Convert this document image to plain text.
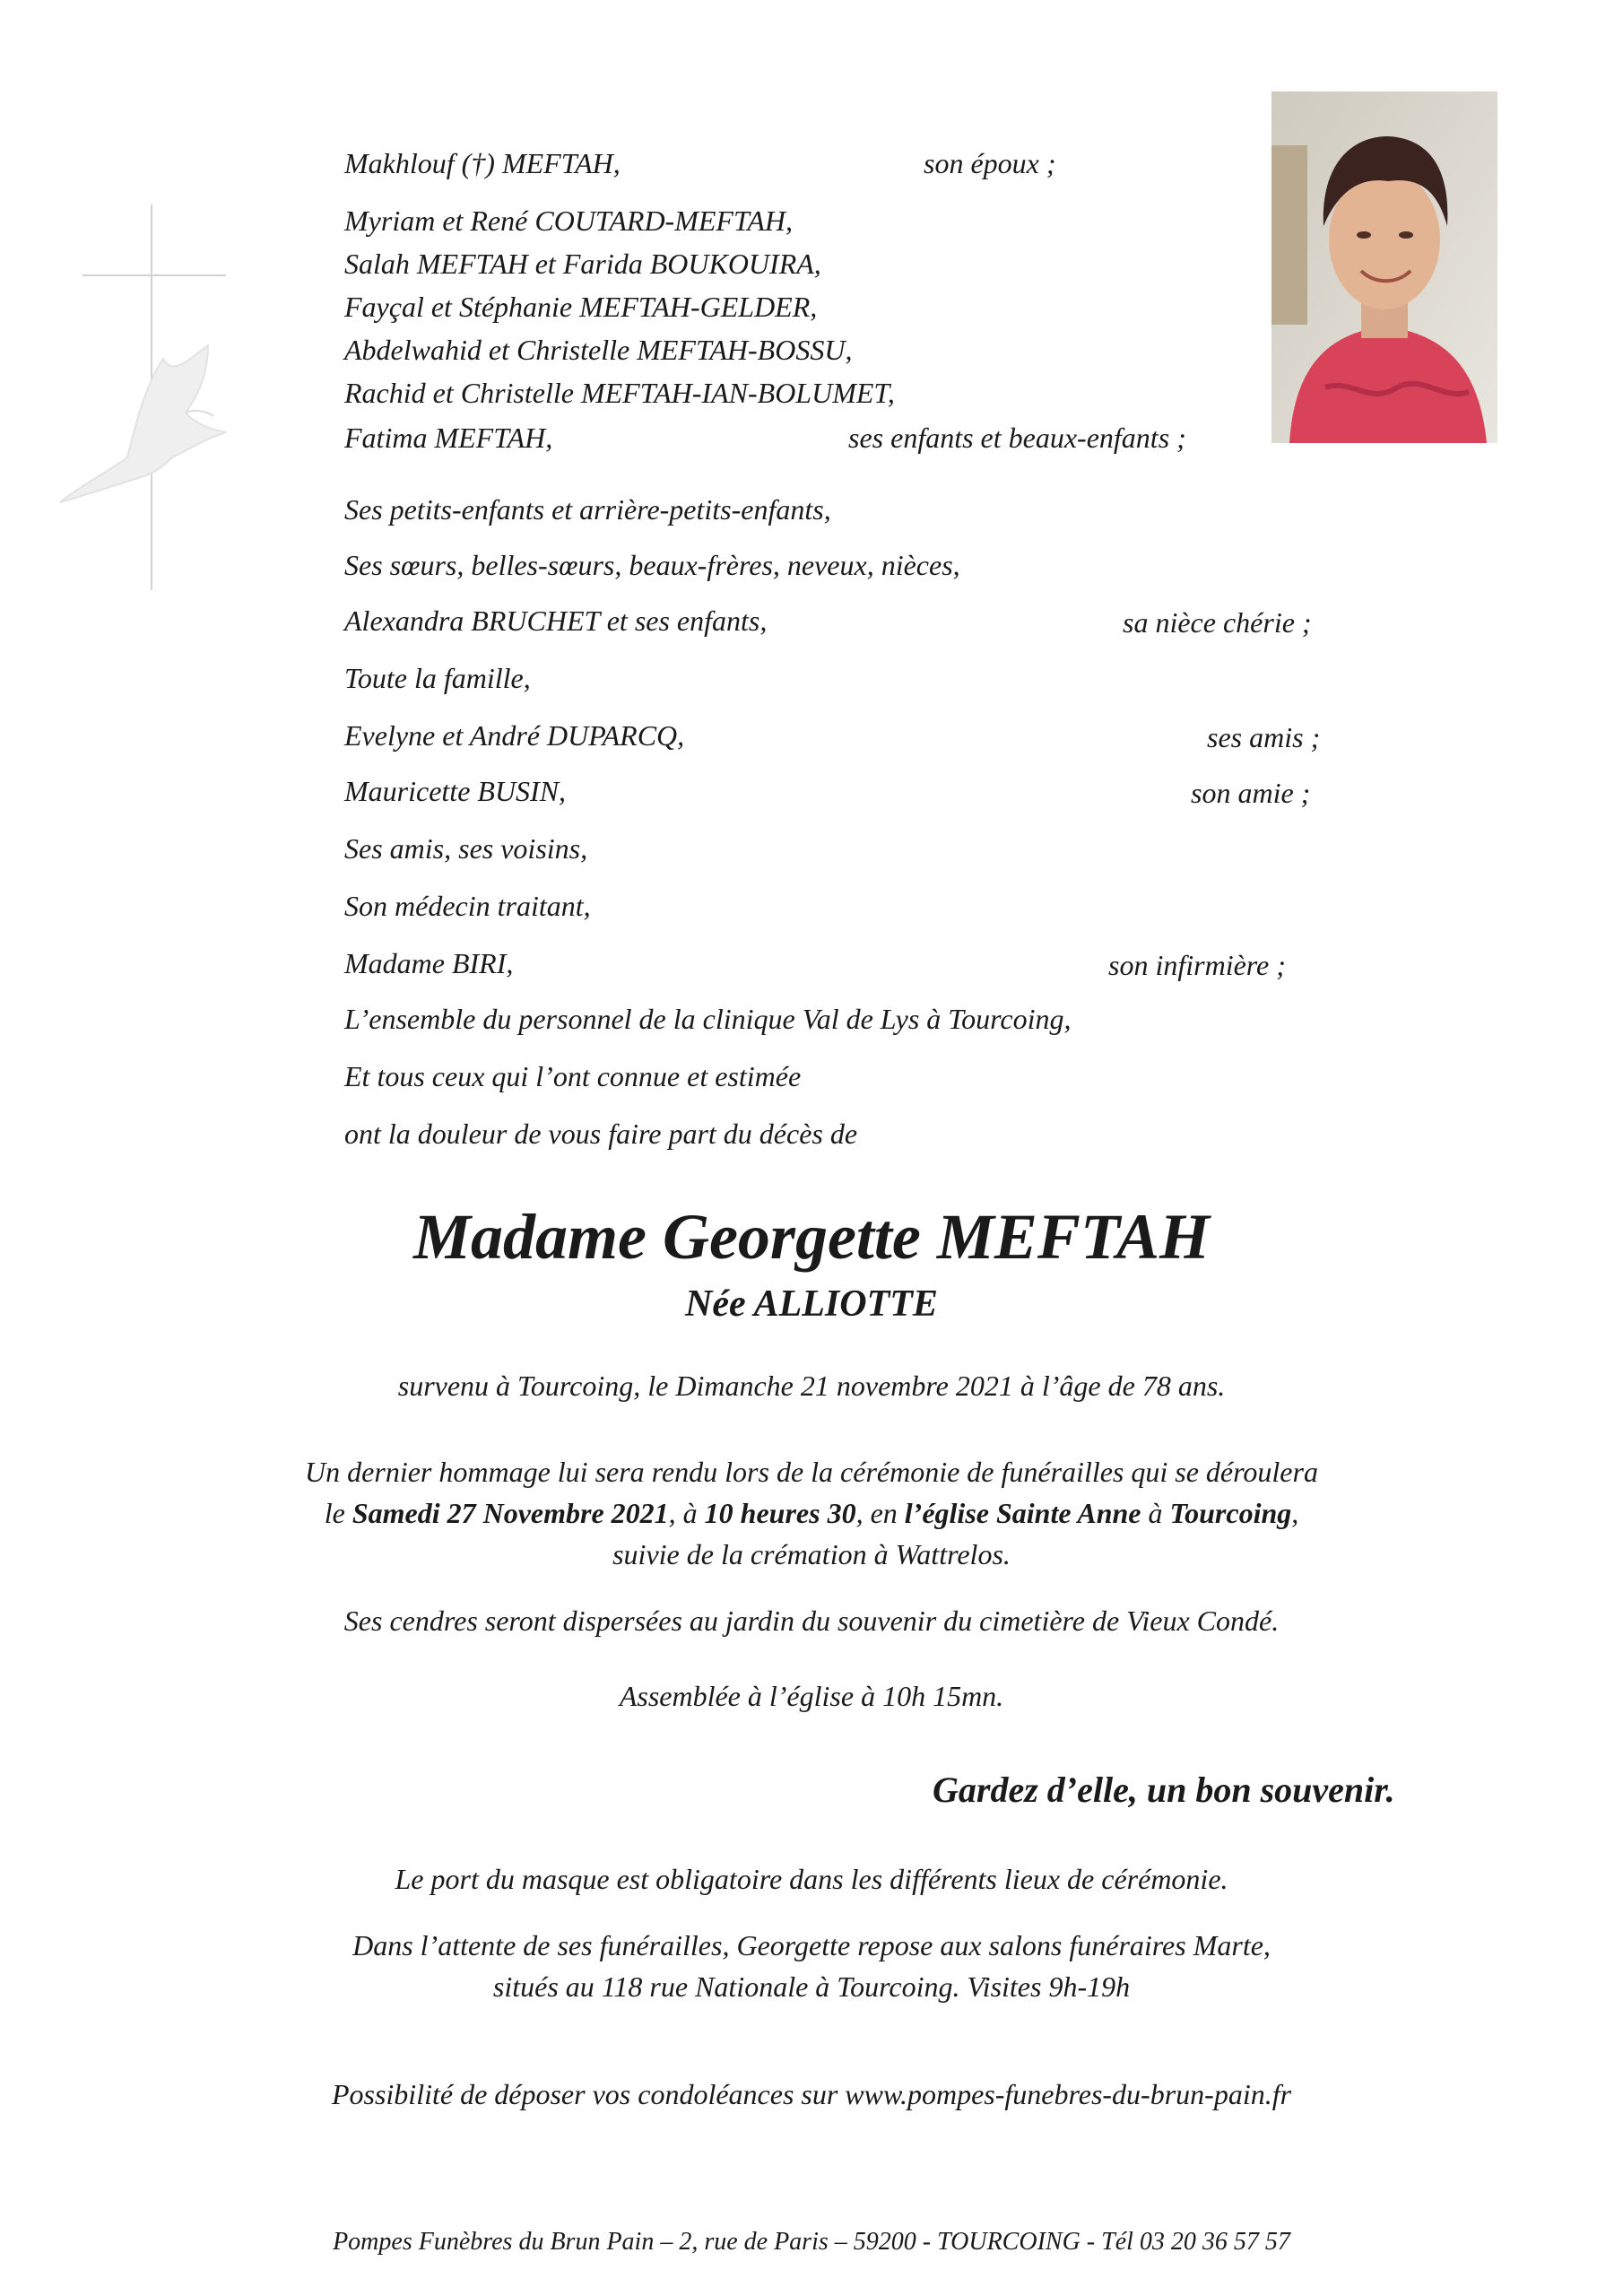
Makhlouf (†) MEFTAH,	son époux ;
Myriam et René COUTARD-MEFTAH,
Salah MEFTAH et Farida BOUKOUIRA,
Fayçal et Stéphanie MEFTAH-GELDER,
Abdelwahid et Christelle MEFTAH-BOSSU,
Rachid et Christelle MEFTAH-IAN-BOLUMET,
Fatima MEFTAH,	ses enfants et beaux-enfants ;
Ses petits-enfants et arrière-petits-enfants,
Ses sœurs, belles-sœurs, beaux-frères, neveux, nièces,
Alexandra BRUCHET et ses enfants,	sa nièce chérie ;
Toute la famille,
Evelyne et André DUPARCQ,	ses amis ;
Mauricette BUSIN,	son amie ;
Ses amis, ses voisins,
Son médecin traitant,
Madame BIRI,	son infirmière ;
L’ensemble du personnel de la clinique Val de Lys à Tourcoing,
Et tous ceux qui l’ont connue et estimée
ont la douleur de vous faire part du décès de
Madame Georgette MEFTAH
Née ALLIOTTE
survenu à Tourcoing, le Dimanche 21 novembre 2021 à l’âge de 78 ans.
Un dernier hommage lui sera rendu lors de la cérémonie de funérailles qui se déroulera
le Samedi 27 Novembre 2021, à 10 heures 30, en l’église Sainte Anne à Tourcoing,
suivie de la crémation à Wattrelos.
Ses cendres seront dispersées au jardin du souvenir du cimetière de Vieux Condé.
Assemblée à l’église à 10h 15mn.
Gardez d’elle, un bon souvenir.
Le port du masque est obligatoire dans les différents lieux de cérémonie.
Dans l’attente de ses funérailles, Georgette repose aux salons funéraires Marte,
situés au 118 rue Nationale à Tourcoing. Visites 9h-19h
Possibilité de déposer vos condoléances sur www.pompes-funebres-du-brun-pain.fr
Pompes Funèbres du Brun Pain – 2, rue de Paris – 59200 - TOURCOING - Tél 03 20 36 57 57
